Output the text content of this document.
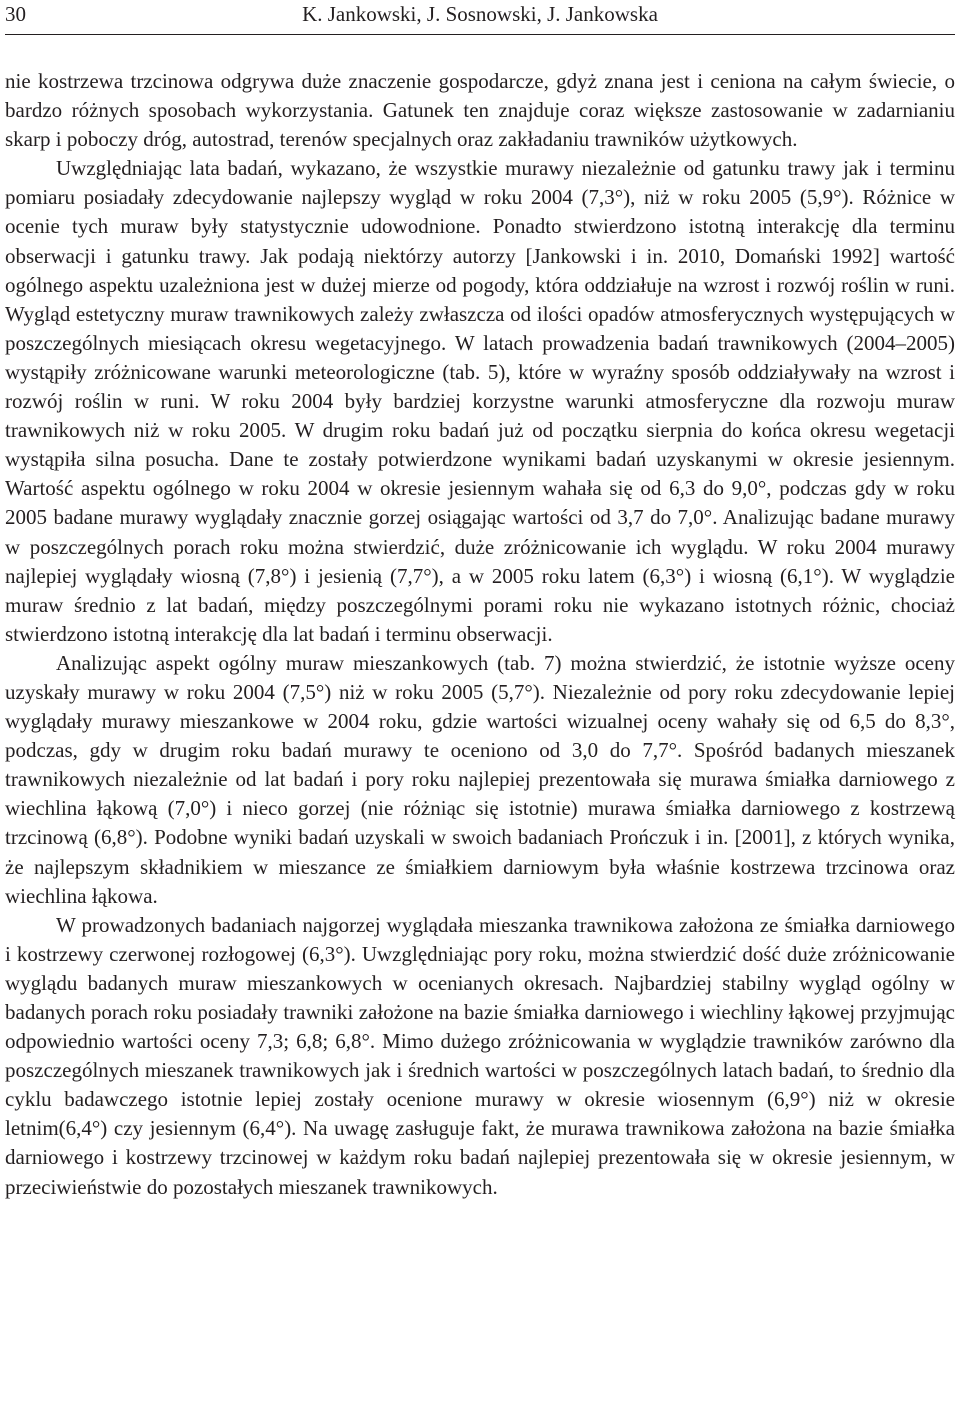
30	K. Jankowski, J. Sosnowski, J. Jankowska

nie kostrzewa trzcinowa odgrywa duże znaczenie gospodarcze, gdyż znana jest i ceniona na całym świecie, o bardzo różnych sposobach wykorzystania. Gatunek ten znajduje coraz większe zastosowanie w zadarnianiu skarp i poboczy dróg, autostrad, terenów specjalnych oraz zakładaniu trawników użytkowych.

Uwzględniając lata badań, wykazano, że wszystkie murawy niezależnie od gatunku trawy jak i terminu pomiaru posiadały zdecydowanie najlepszy wygląd w roku 2004 (7,3°), niż w roku 2005 (5,9°). Różnice w ocenie tych muraw były statystycznie udowodnione. Ponadto stwierdzono istotną interakcję dla terminu obserwacji i gatunku trawy. Jak podają niektórzy autorzy [Jankowski i in. 2010, Domański 1992] wartość ogólnego aspektu uzależniona jest w dużej mierze od pogody, która oddziałuje na wzrost i rozwój roślin w runi. Wygląd estetyczny muraw trawnikowych zależy zwłaszcza od ilości opadów atmosferycznych występujących w poszczególnych miesiącach okresu wegetacyjnego. W latach prowadzenia badań trawnikowych (2004–2005) wystąpiły zróżnicowane warunki meteorologiczne (tab. 5), które w wyraźny sposób oddziaływały na wzrost i rozwój roślin w runi. W roku 2004 były bardziej korzystne warunki atmosferyczne dla rozwoju muraw trawnikowych niż w roku 2005. W drugim roku badań już od początku sierpnia do końca okresu wegetacji wystąpiła silna posucha. Dane te zostały potwierdzone wynikami badań uzyskanymi w okresie jesiennym. Wartość aspektu ogólnego w roku 2004 w okresie jesiennym wahała się od 6,3 do 9,0°, podczas gdy w roku 2005 badane murawy wyglądały znacznie gorzej osiągając wartości od 3,7 do 7,0°. Analizując badane murawy w poszczególnych porach roku można stwierdzić, duże zróżnicowanie ich wyglądu. W roku 2004 murawy najlepiej wyglądały wiosną (7,8°) i jesienią (7,7°), a w 2005 roku latem (6,3°) i wiosną (6,1°). W wyglądzie muraw średnio z lat badań, między poszczególnymi porami roku nie wykazano istotnych różnic, chociaż stwierdzono istotną interakcję dla lat badań i terminu obserwacji.

Analizując aspekt ogólny muraw mieszankowych (tab. 7) można stwierdzić, że istotnie wyższe oceny uzyskały murawy w roku 2004 (7,5°) niż w roku 2005 (5,7°). Niezależnie od pory roku zdecydowanie lepiej wyglądały murawy mieszankowe w 2004 roku, gdzie wartości wizualnej oceny wahały się od 6,5 do 8,3°, podczas, gdy w drugim roku badań murawy te oceniono od 3,0 do 7,7°. Spośród badanych mieszanek trawnikowych niezależnie od lat badań i pory roku najlepiej prezentowała się murawa śmiałka darniowego z wiechlina łąkową (7,0°) i nieco gorzej (nie różniąc się istotnie) murawa śmiałka darniowego z kostrzewą trzcinową (6,8°). Podobne wyniki badań uzyskali w swoich badaniach Prończuk i in. [2001], z których wynika, że najlepszym składnikiem w mieszance ze śmiałkiem darniowym była właśnie kostrzewa trzcinowa oraz wiechlina łąkowa.

W prowadzonych badaniach najgorzej wyglądała mieszanka trawnikowa założona ze śmiałka darniowego i kostrzewy czerwonej rozłogowej (6,3°). Uwzględniając pory roku, można stwierdzić dość duże zróżnicowanie wyglądu badanych muraw mieszankowych w ocenianych okresach. Najbardziej stabilny wygląd ogólny w badanych porach roku posiadały trawniki założone na bazie śmiałka darniowego i wiechliny łąkowej przyjmując odpowiednio wartości oceny 7,3; 6,8; 6,8°. Mimo dużego zróżnicowania w wyglądzie trawników zarówno dla poszczególnych mieszanek trawnikowych jak i średnich wartości w poszczególnych latach badań, to średnio dla cyklu badawczego istotnie lepiej zostały ocenione murawy w okresie wiosennym (6,9°) niż w okresie letnim(6,4°) czy jesiennym (6,4°). Na uwagę zasługuje fakt, że murawa trawnikowa założona na bazie śmiałka darniowego i kostrzewy trzcinowej w każdym roku badań najlepiej prezentowała się w okresie jesiennym, w przeciwieństwie do pozostałych mieszanek trawnikowych.
